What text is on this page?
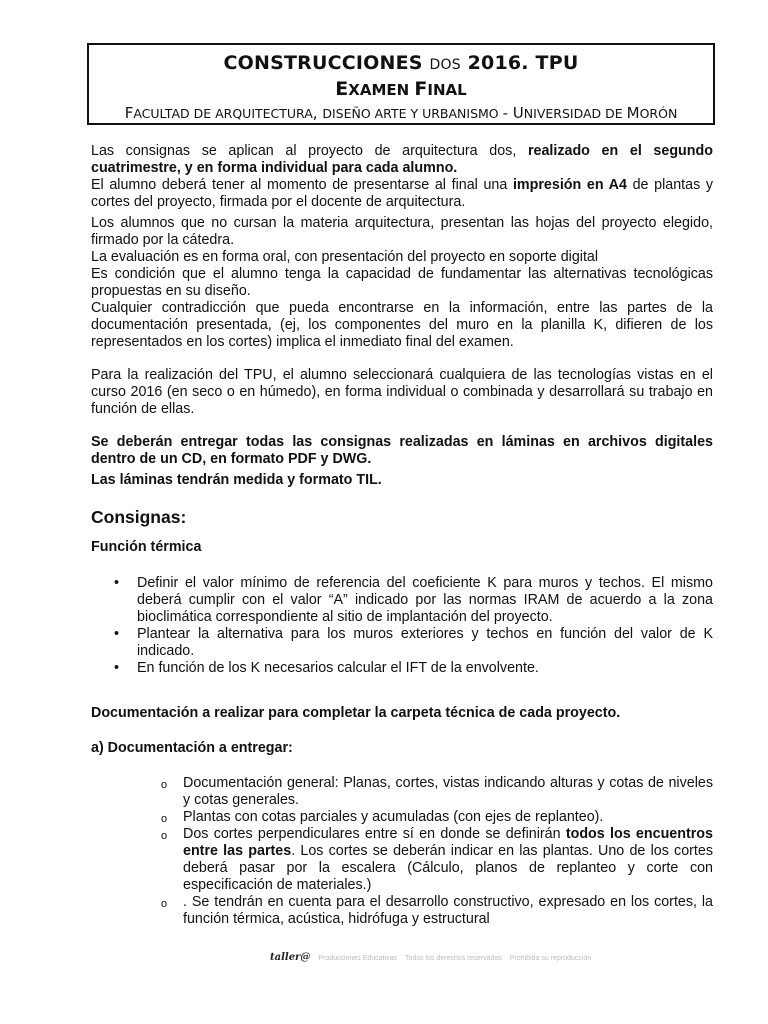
CONSTRUCCIONES DOS 2016. TPU
EXAMEN FINAL
FACULTAD DE ARQUITECTURA, DISEÑO ARTE Y URBANISMO - UNIVERSIDAD DE MORÓN

Las consignas se aplican al proyecto de arquitectura dos, realizado en el segundo cuatrimestre, y en forma individual para cada alumno.

El alumno deberá tener al momento de presentarse al final una impresión en A4 de plantas y cortes del proyecto, firmada por el docente de arquitectura.

Los alumnos que no cursan la materia arquitectura, presentan las hojas del proyecto elegido, firmado por la cátedra.

La evaluación es en forma oral, con presentación del proyecto en soporte digital

Es condición que el alumno tenga la capacidad de fundamentar las alternativas tecnológicas propuestas en su diseño.

Cualquier contradicción que pueda encontrarse en la información, entre las partes de la documentación presentada, (ej, los componentes del muro en la planilla K, difieren de los representados en los cortes) implica el inmediato final del examen.

Para la realización del TPU, el alumno seleccionará cualquiera de las tecnologías vistas en el curso 2016 (en seco o en húmedo), en forma individual o combinada y desarrollará su trabajo en función de ellas.

Se deberán entregar todas las consignas realizadas en láminas en archivos digitales dentro de un CD, en formato PDF y DWG.

Las láminas tendrán medida y formato TIL.

Consignas:
Función térmica
• Definir el valor mínimo de referencia del coeficiente K para muros y techos. El mismo deberá cumplir con el valor “A” indicado por las normas IRAM de acuerdo a la zona bioclimática correspondiente al sitio de implantación del proyecto.
• Plantear la alternativa para los muros exteriores y techos en función del valor de K indicado.
• En función de los K necesarios calcular el IFT de la envolvente.
Documentación a realizar para completar la carpeta técnica de cada proyecto.
a) Documentación a entregar:
o Documentación general: Planas, cortes, vistas indicando alturas y cotas de niveles y cotas generales.
o Plantas con cotas parciales y acumuladas (con ejes de replanteo).
o Dos cortes perpendiculares entre sí en donde se definirán todos los encuentros entre las partes. Los cortes se deberán indicar en las plantas. Uno de los cortes deberá pasar por la escalera (Cálculo, planos de replanteo y corte con especificación de materiales.)
o . Se tendrán en cuenta para el desarrollo constructivo, expresado en los cortes, la función térmica, acústica, hidrófuga y estructural
taller@ Producciones Educativas Todos los derechos reservados Prohibida su reproducción
